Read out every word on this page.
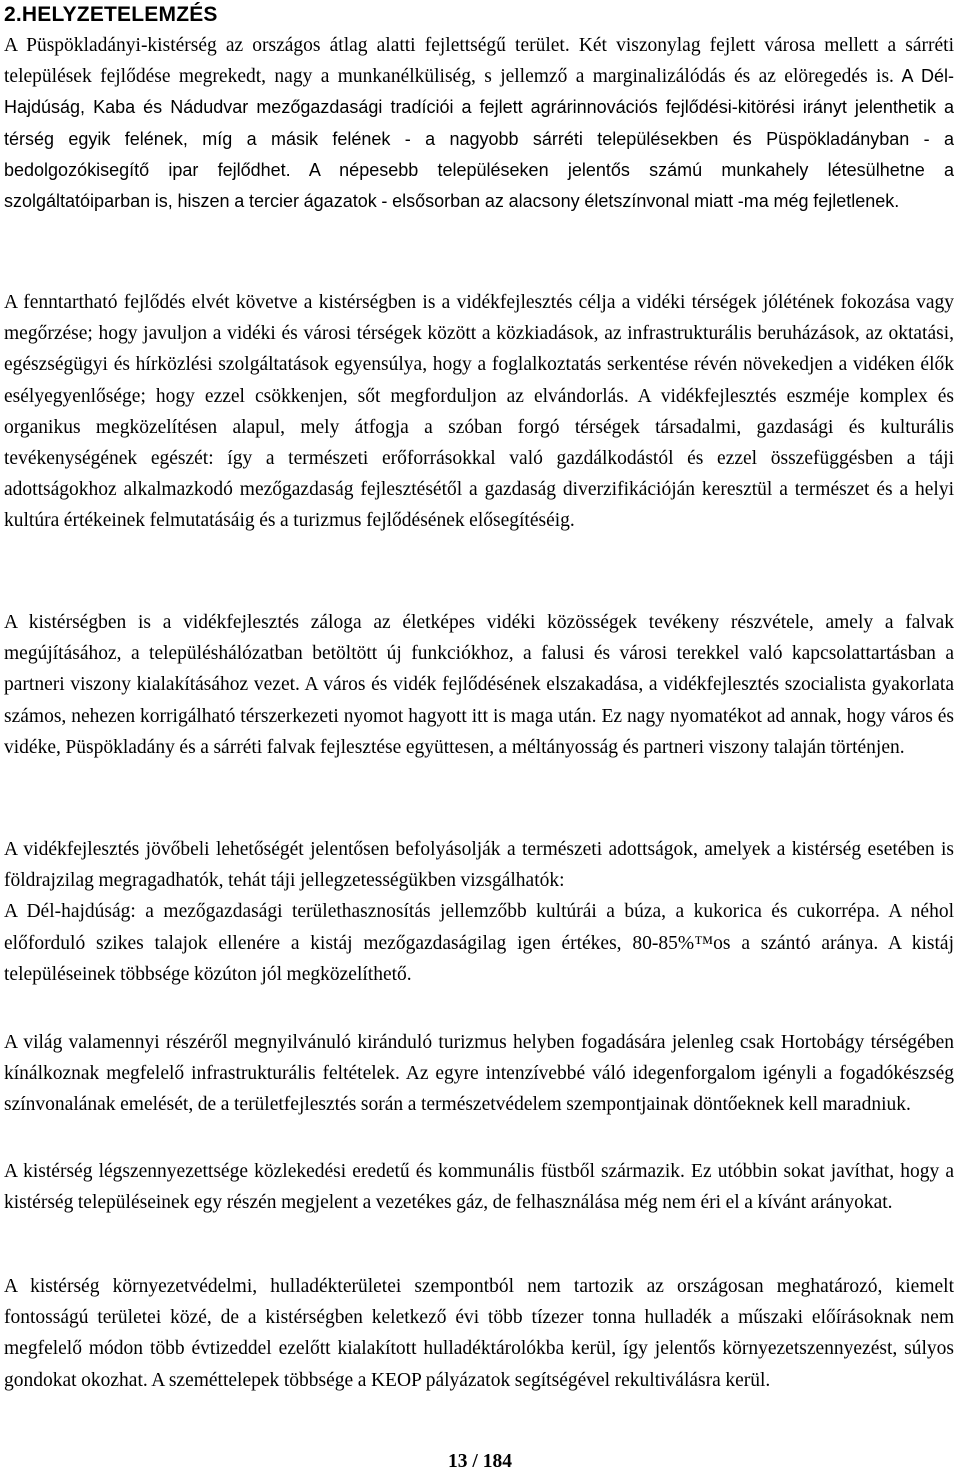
2.HELYZETELEMZÉS

A Püspökladányi-kistérség az országos átlag alatti fejlettségű terület. Két viszonylag fejlett városa mellett a sárréti települések fejlődése megrekedt, nagy a munkanélküliség, s jellemző a marginalizálódás és az elöregedés is. A Dél-Hajdúság, Kaba és Nádudvar mezőgazdasági tradíciói a fejlett agrárinnovációs fejlődési-kitörési irányt jelenthetik a térség egyik felének, míg a másik felének - a nagyobb sárréti településekben és Püspökladányban - a bedolgozókisegítő ipar fejlődhet. A népesebb településeken jelentős számú munkahely létesülhetne a szolgáltatóiparban is, hiszen a tercier ágazatok - elsősorban az alacsony életszínvonal miatt -ma még fejletlenek.

A fenntartható fejlődés elvét követve a kistérségben is a vidékfejlesztés célja a vidéki térségek jólétének fokozása vagy megőrzése; hogy javuljon a vidéki és városi térségek között a közkiadások, az infrastrukturális beruházások, az oktatási, egészségügyi és hírközlési szolgáltatások egyensúlya, hogy a foglalkoztatás serkentése révén növekedjen a vidéken élők esélyegyenlősége; hogy ezzel csökkenjen, sőt megforduljon az elvándorlás. A vidékfejlesztés eszméje komplex és organikus megközelítésen alapul, mely átfogja a szóban forgó térségek társadalmi, gazdasági és kulturális tevékenységének egészét: így a természeti erőforrásokkal való gazdálkodástól és ezzel összefüggésben a táji adottságokhoz alkalmazkodó mezőgazdaság fejlesztésétől a gazdaság diverzifikációján keresztül a természet és a helyi kultúra értékeinek felmutatásáig és a turizmus fejlődésének elősegítéséig.

A kistérségben is a vidékfejlesztés záloga az életképes vidéki közösségek tevékeny részvétele, amely a falvak megújításához, a településhálózatban betöltött új funkciókhoz, a falusi és városi terekkel való kapcsolattartásban a partneri viszony kialakításához vezet. A város és vidék fejlődésének elszakadása, a vidékfejlesztés szocialista gyakorlata számos, nehezen korrigálható térszerkezeti nyomot hagyott itt is maga után. Ez nagy nyomatékot ad annak, hogy város és vidéke, Püspökladány és a sárréti falvak fejlesztése együttesen, a méltányosság és partneri viszony talaján történjen.

A vidékfejlesztés jövőbeli lehetőségét jelentősen befolyásolják a természeti adottságok, amelyek a kistérség esetében is földrajzilag megragadhatók, tehát táji jellegzetességükben vizsgálhatók:
A Dél-hajdúság: a mezőgazdasági területhasznosítás jellemzőbb kultúrái a búza, a kukorica és cukorrépa. A néhol előforduló szikes talajok ellenére a kistáj mezőgazdaságilag igen értékes, 80-85%™os a szántó aránya. A kistáj településeinek többsége közúton jól megközelíthető.

A világ valamennyi részéről megnyilvánuló kiránduló turizmus helyben fogadására jelenleg csak Hortobágy térségében kínálkoznak megfelelő infrastrukturális feltételek. Az egyre intenzívebbé váló idegenforgalom igényli a fogadókészség színvonalának emelését, de a területfejlesztés során a természetvédelem szempontjainak döntőeknek kell maradniuk.

A kistérség légszennyezettsége közlekedési eredetű és kommunális füstből származik. Ez utóbbin sokat javíthat, hogy a kistérség településeinek egy részén megjelent a vezetékes gáz, de felhasználása még nem éri el a kívánt arányokat.

A kistérség környezetvédelmi, hulladékterületei szempontból nem tartozik az országosan meghatározó, kiemelt fontosságú területei közé, de a kistérségben keletkező évi több tízezer tonna hulladék a műszaki előírásoknak nem megfelelő módon több évtizeddel ezelőtt kialakított hulladéktárolókba kerül, így jelentős környezetszennyezést, súlyos gondokat okozhat. A szeméttelepek többsége a KEOP pályázatok segítségével rekultiválásra kerül.

13 / 184
